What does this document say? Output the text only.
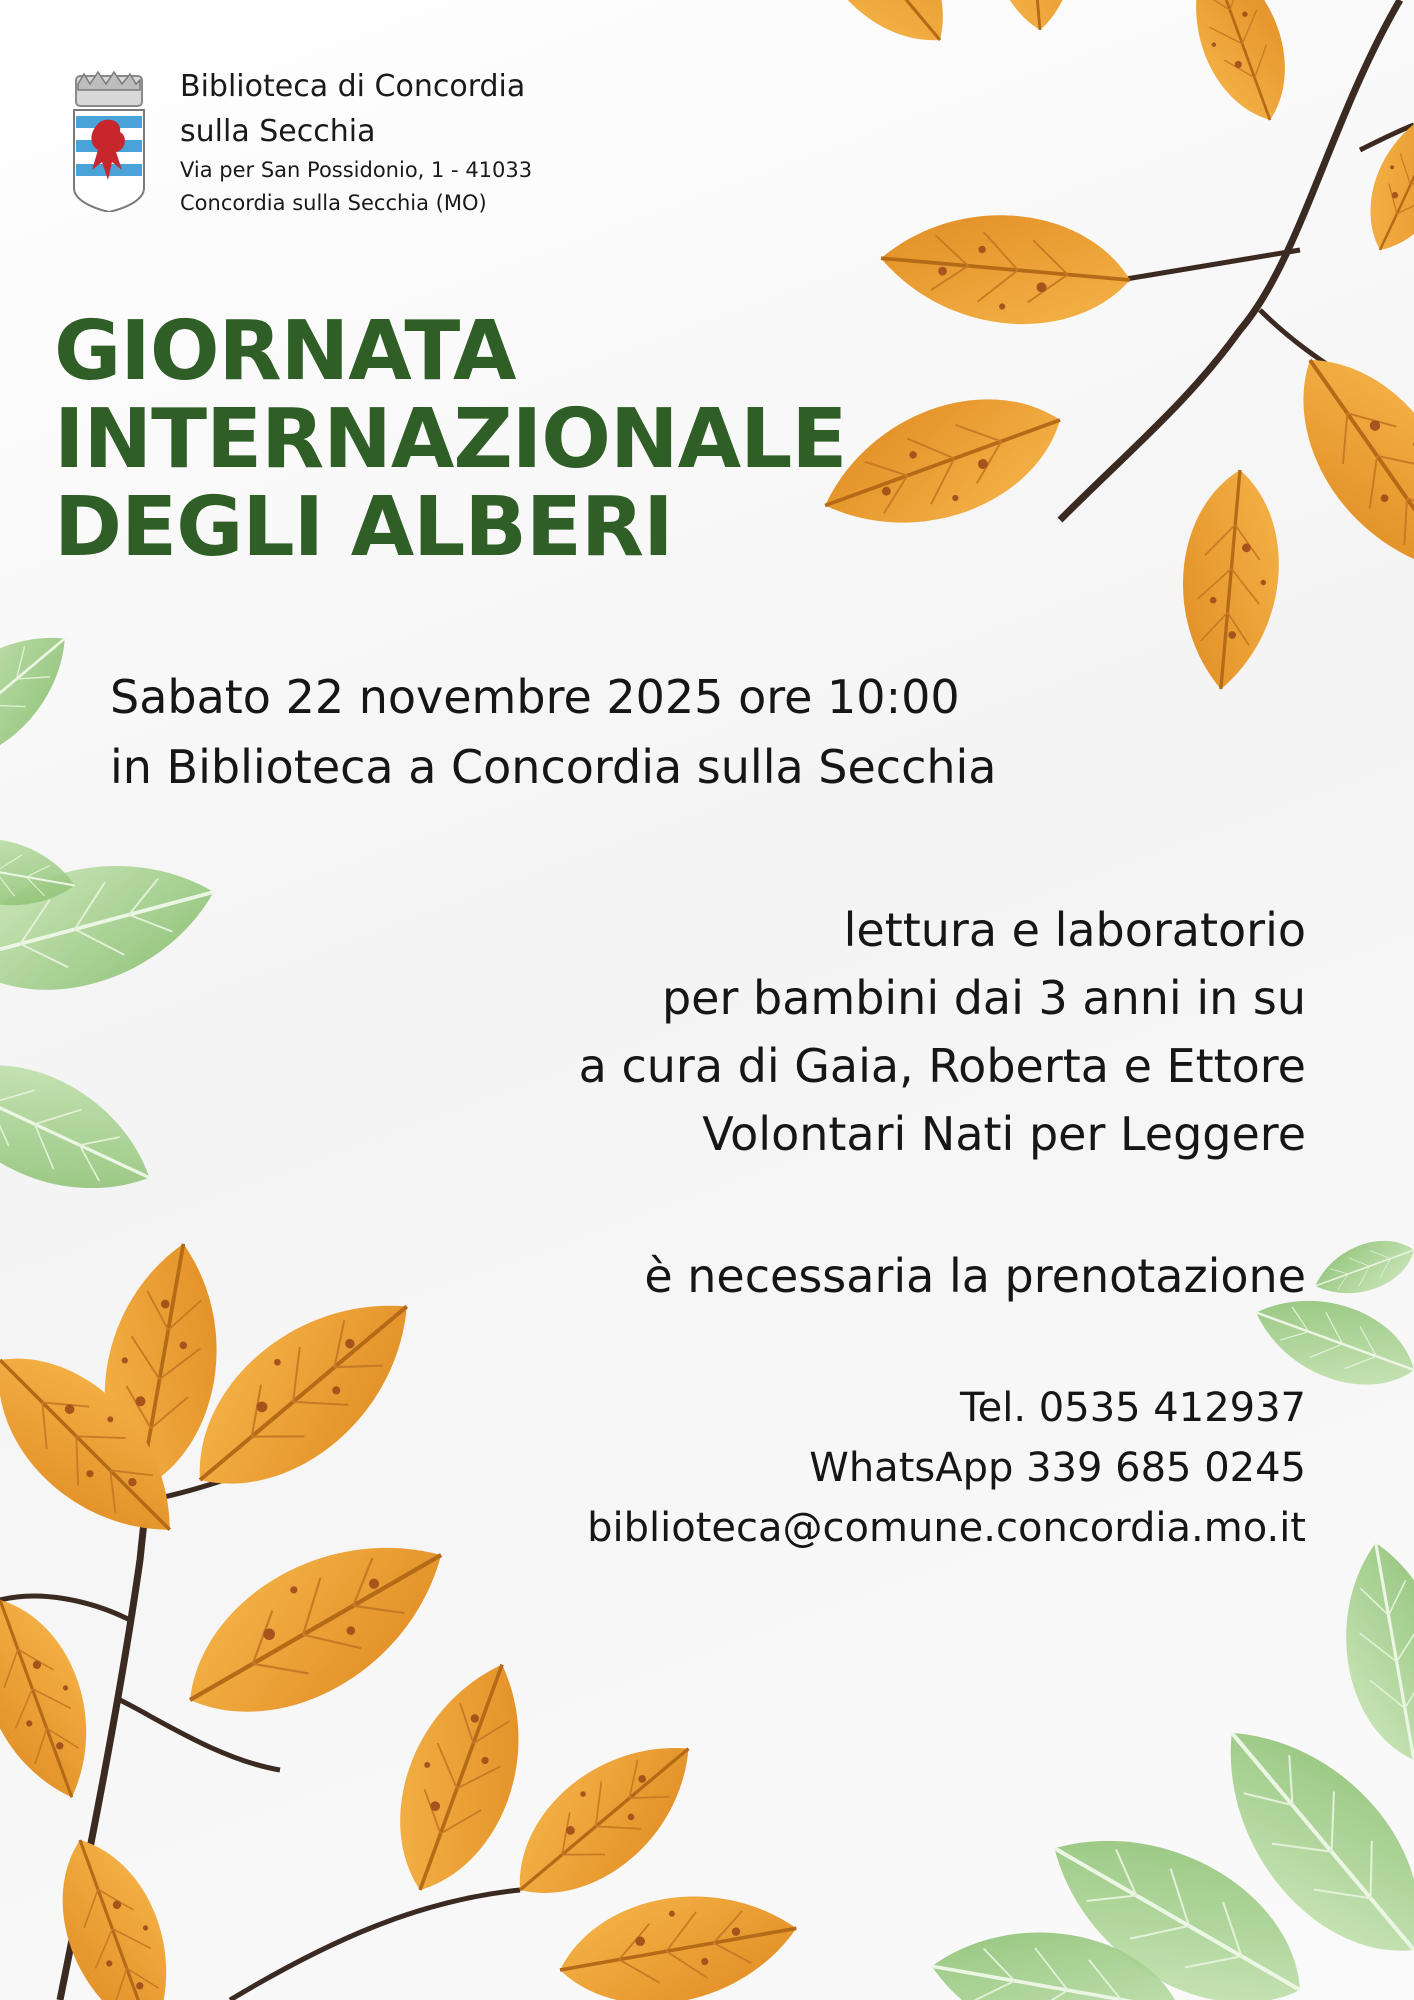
Biblioteca di Concordia
sulla Secchia
Via per San Possidonio, 1 - 41033
Concordia sulla Secchia (MO)
GIORNATA
INTERNAZIONALE
DEGLI ALBERI
Sabato 22 novembre 2025 ore 10:00
in Biblioteca a Concordia sulla Secchia
lettura e laboratorio
per bambini dai 3 anni in su
a cura di Gaia, Roberta e Ettore
Volontari Nati per Leggere
è necessaria la prenotazione
Tel. 0535 412937
WhatsApp 339 685 0245
biblioteca@comune.concordia.mo.it
